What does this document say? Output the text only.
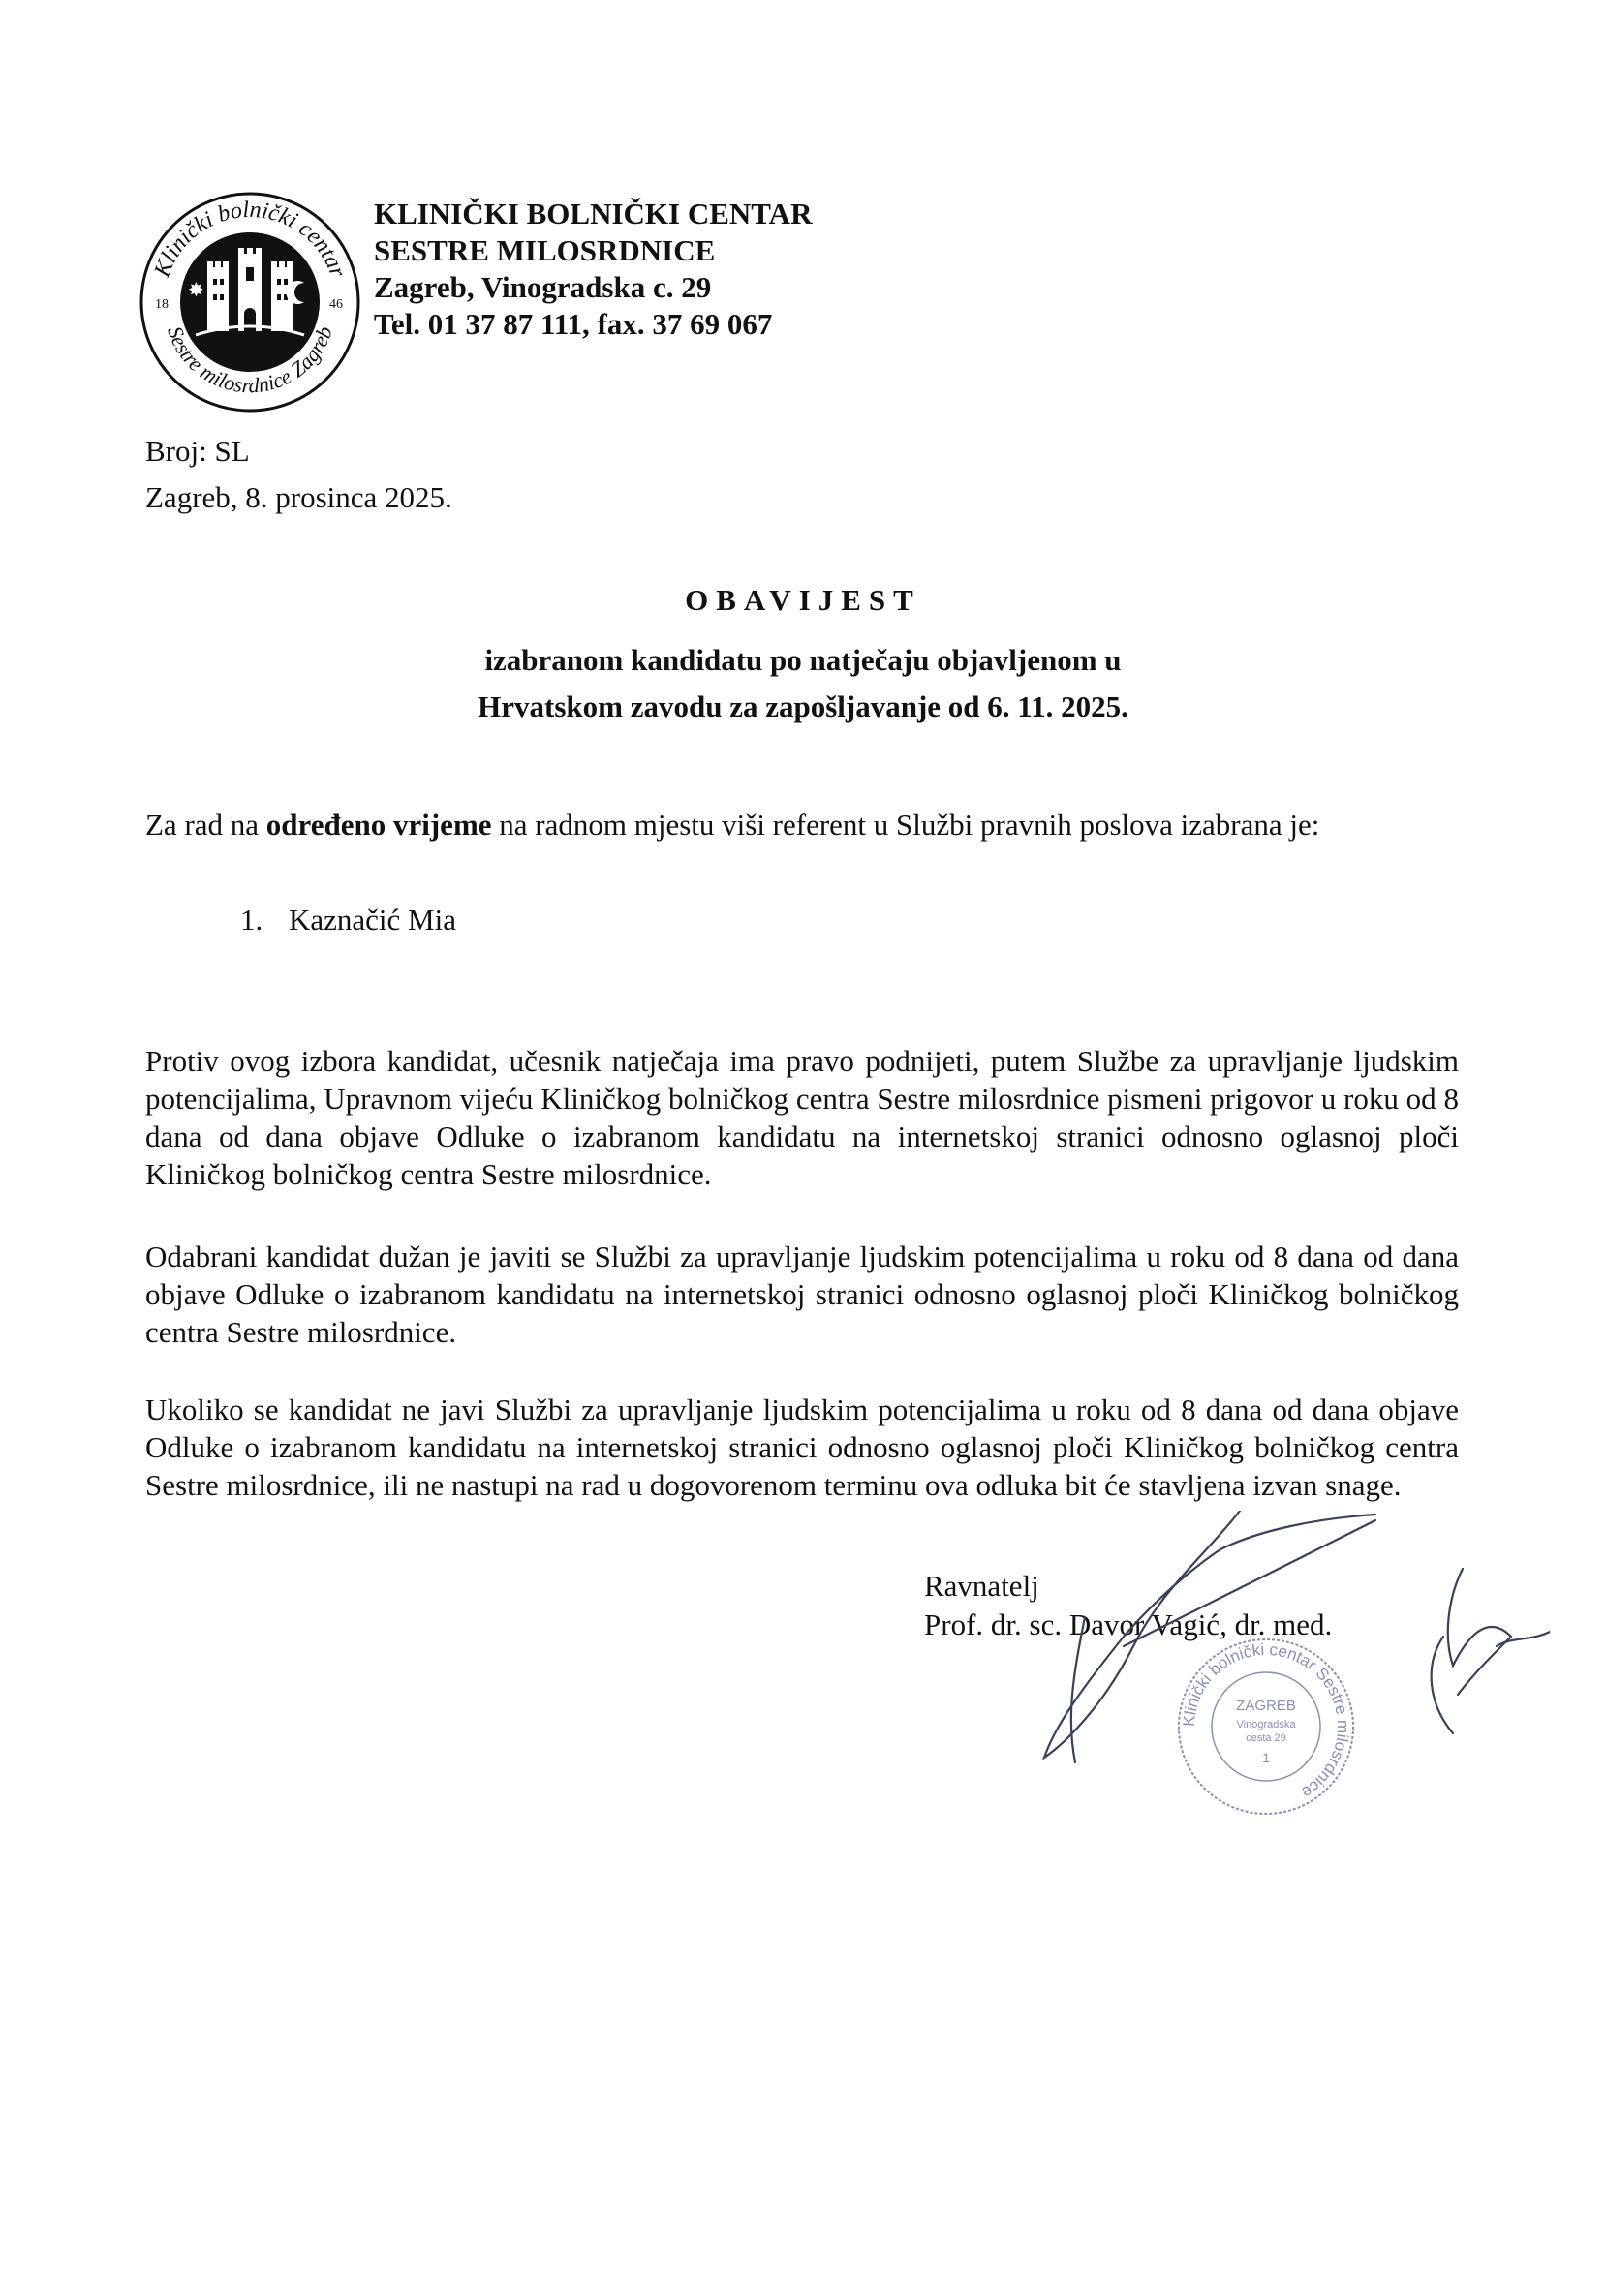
Klinički bolnički centar
Sestre milosrdnice Zagreb
18	46
✸
KLINIČKI BOLNIČKI CENTAR
SESTRE MILOSRDNICE
Zagreb, Vinogradska c. 29
Tel. 01 37 87 111, fax. 37 69 067
Broj: SL
Zagreb, 8. prosinca 2025.
OBAVIJEST
izabranom kandidatu po natječaju objavljenom u
Hrvatskom zavodu za zapošljavanje od 6. 11. 2025.
Za rad na određeno vrijeme na radnom mjestu viši referent u Službi pravnih poslova izabrana je:
1. Kaznačić Mia
Protiv ovog izbora kandidat, učesnik natječaja ima pravo podnijeti, putem Službe za upravljanje ljudskim potencijalima, Upravnom vijeću Kliničkog bolničkog centra Sestre milosrdnice pismeni prigovor u roku od 8 dana od dana objave Odluke o izabranom kandidatu na internetskoj stranici odnosno oglasnoj ploči Kliničkog bolničkog centra Sestre milosrdnice.
Odabrani kandidat dužan je javiti se Službi za upravljanje ljudskim potencijalima u roku od 8 dana od dana objave Odluke o izabranom kandidatu na internetskoj stranici odnosno oglasnoj ploči Kliničkog bolničkog centra Sestre milosrdnice.
Ukoliko se kandidat ne javi Službi za upravljanje ljudskim potencijalima u roku od 8 dana od dana objave Odluke o izabranom kandidatu na internetskoj stranici odnosno oglasnoj ploči Kliničkog bolničkog centra Sestre milosrdnice, ili ne nastupi na rad u dogovorenom terminu ova odluka bit će stavljena izvan snage.
Ravnatelj
Prof. dr. sc. Davor Vagić, dr. med.
Klinički bolnički centar Sestre milosrdnice
ZAGREB
Vinogradska
cesta 29
1
